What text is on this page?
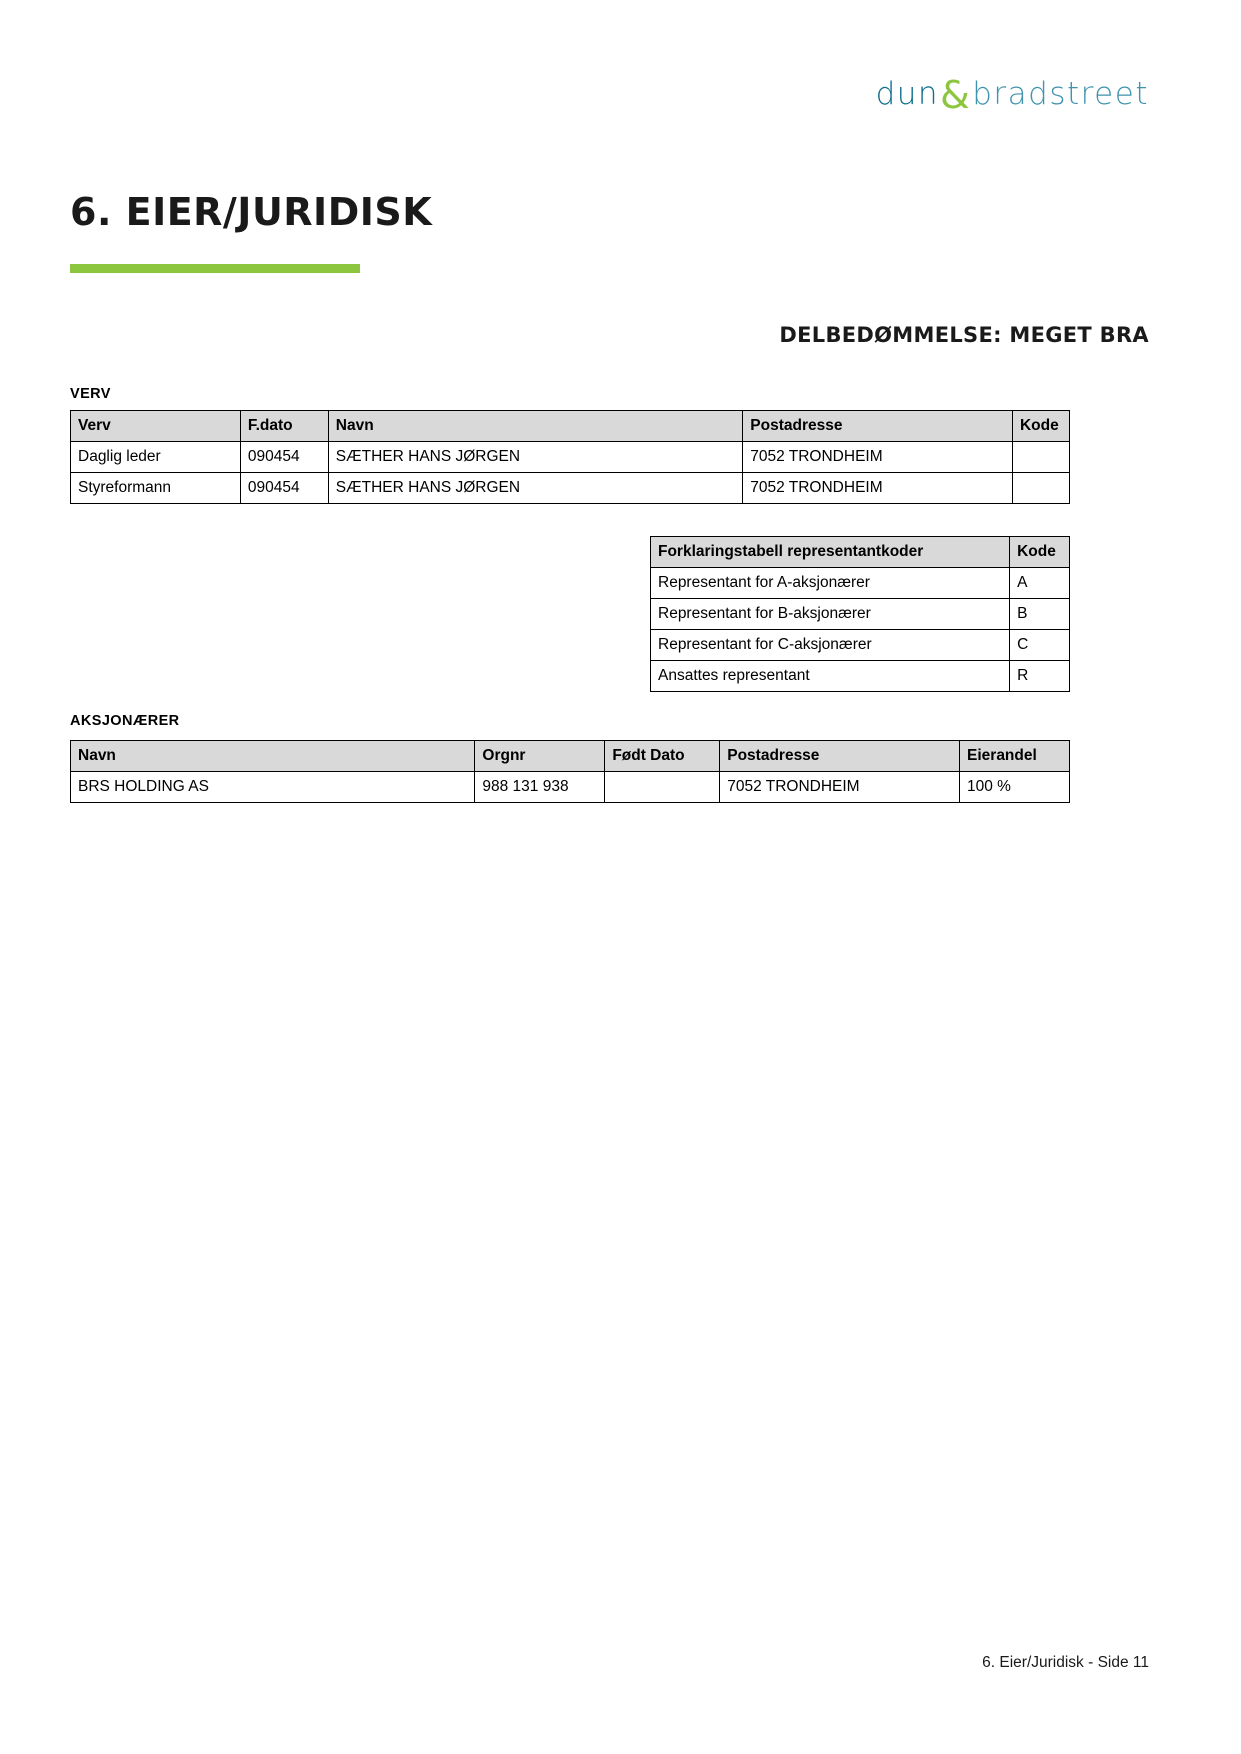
dun & bradstreet
6. EIER/JURIDISK
DELBEDØMMELSE: MEGET BRA
VERV
Verv	F.dato	Navn	Postadresse	Kode
Daglig leder	090454	SÆTHER HANS JØRGEN	7052 TRONDHEIM	
Styreformann	090454	SÆTHER HANS JØRGEN	7052 TRONDHEIM	
Forklaringstabell representantkoder	Kode
Representant for A-aksjonærer	A
Representant for B-aksjonærer	B
Representant for C-aksjonærer	C
Ansattes representant	R
AKSJONÆRER
Navn	Orgnr	Født Dato	Postadresse	Eierandel
BRS HOLDING AS	988 131 938		7052 TRONDHEIM	100 %
6. Eier/Juridisk - Side 11
